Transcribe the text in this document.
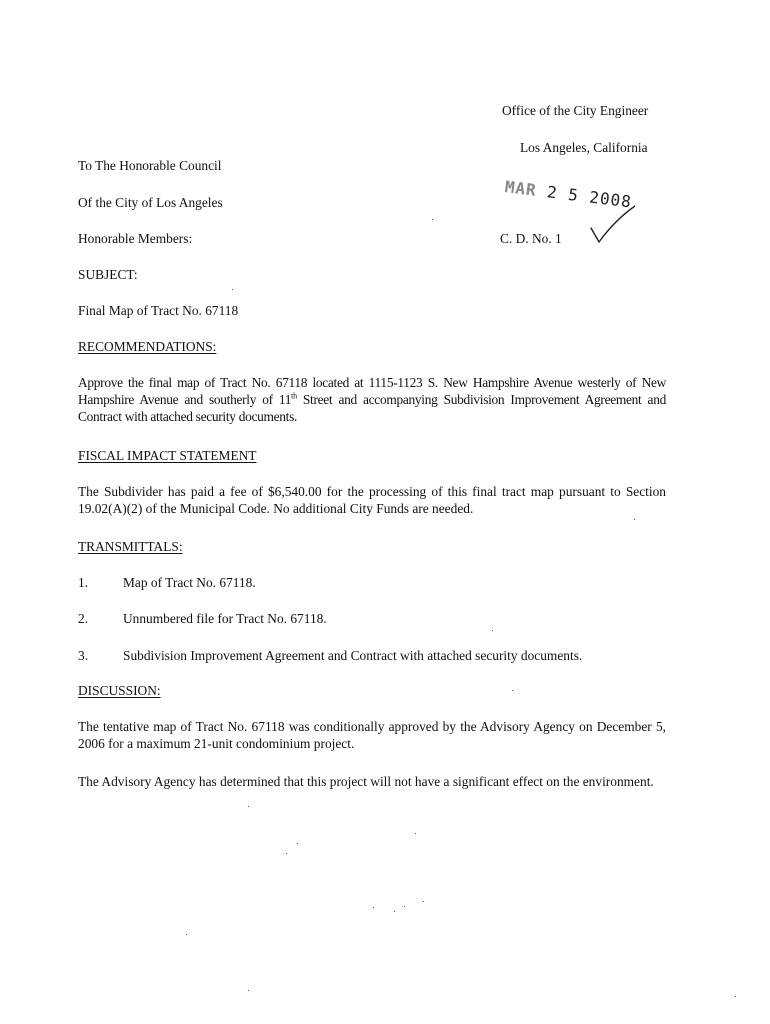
Office of the City Engineer
Los Angeles, California
MAR 2 5 2008
C. D. No. 1
To The Honorable Council
Of the City of Los Angeles
Honorable Members:
SUBJECT:
Final Map of Tract No. 67118
RECOMMENDATIONS:
Approve the final map of Tract No. 67118 located at 1115-1123 S. New Hampshire Avenue westerly of New Hampshire Avenue and southerly of 11th Street and accompanying Subdivision Improvement Agreement and Contract with attached security documents.
FISCAL IMPACT STATEMENT
The Subdivider has paid a fee of $6,540.00 for the processing of this final tract map pursuant to Section 19.02(A)(2) of the Municipal Code. No additional City Funds are needed.
TRANSMITTALS:
1.	Map of Tract No. 67118.
2.	Unnumbered file for Tract No. 67118.
3.	Subdivision Improvement Agreement and Contract with attached security documents.
DISCUSSION:
The tentative map of Tract No. 67118 was conditionally approved by the Advisory Agency on December 5, 2006 for a maximum 21-unit condominium project.
The Advisory Agency has determined that this project will not have a significant effect on the environment.
